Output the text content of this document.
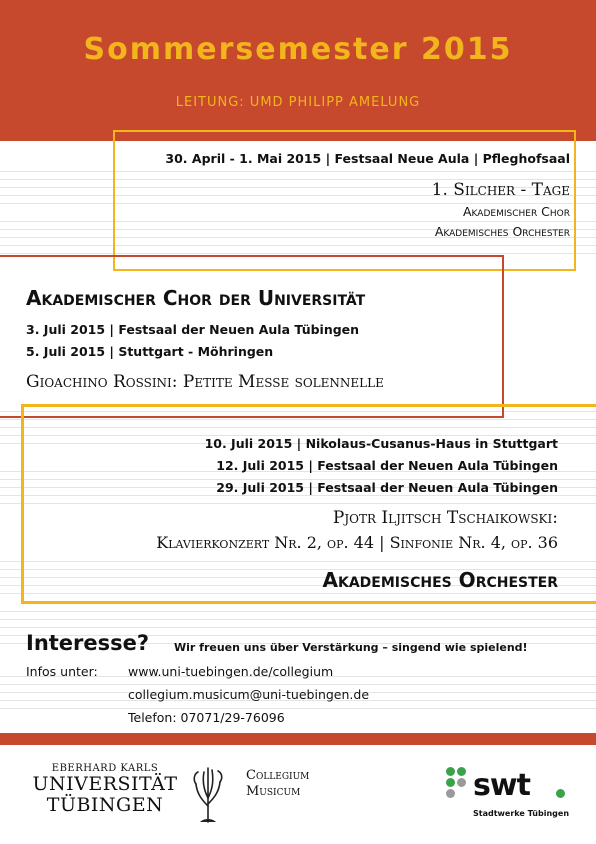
Sommersemester 2015
LEITUNG: UMD PHILIPP AMELUNG
30. April - 1. Mai 2015 | Festsaal Neue Aula | Pfleghofsaal
1. Silcher - Tage
Akademischer Chor
Akademisches Orchester
Akademischer Chor der Universität
3. Juli 2015 | Festsaal der Neuen Aula Tübingen
5. Juli 2015 | Stuttgart - Möhringen
Gioachino Rossini: Petite Messe solennelle
10. Juli 2015 | Nikolaus-Cusanus-Haus in Stuttgart
12. Juli 2015 | Festsaal der Neuen Aula Tübingen
29. Juli 2015 | Festsaal der Neuen Aula Tübingen
Pjotr Iljitsch Tschaikowski:
Klavierkonzert Nr. 2, op. 44 | Sinfonie Nr. 4, op. 36
Akademisches Orchester
Interesse? Wir freuen uns über Verstärkung – singend wie spielend!
Infos unter: www.uni-tuebingen.de/collegium
collegium.musicum@uni-tuebingen.de
Telefon: 07071/29-76096
EBERHARD KARLS
UNIVERSITÄT
TÜBINGEN
Collegium
Musicum	swt
Stadtwerke Tübingen
